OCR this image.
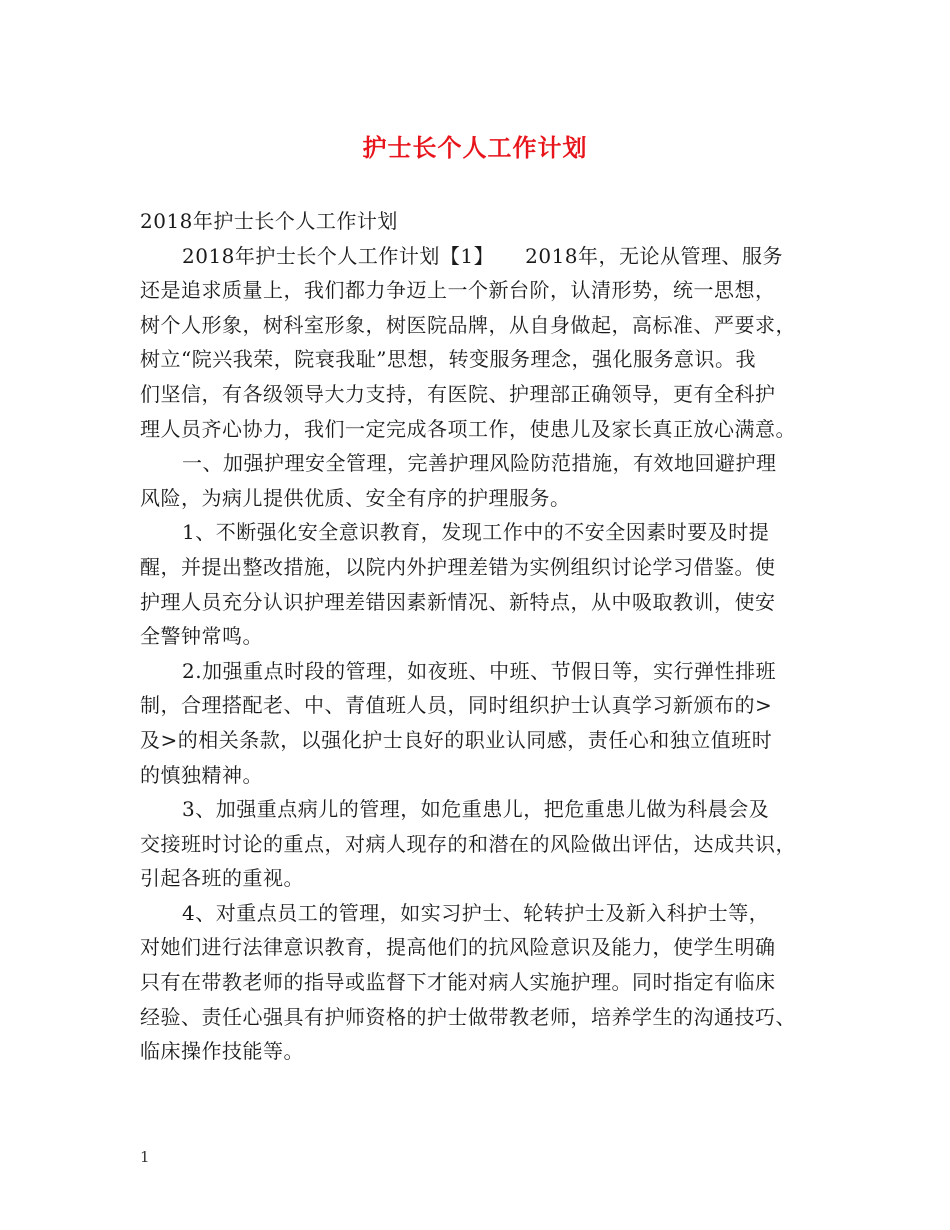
护士长个人工作计划
2018年护士长个人工作计划
2018年护士长个人工作计划【1】　　2018年，无论从管理、服务
还是追求质量上，我们都力争迈上一个新台阶，认清形势，统一思想，
树个人形象，树科室形象，树医院品牌，从自身做起，高标准、严要求，
树立“院兴我荣，院衰我耻”思想，转变服务理念，强化服务意识。我
们坚信，有各级领导大力支持，有医院、护理部正确领导，更有全科护
理人员齐心协力，我们一定完成各项工作，使患儿及家长真正放心满意。
一、加强护理安全管理，完善护理风险防范措施，有效地回避护理
风险，为病儿提供优质、安全有序的护理服务。
1、不断强化安全意识教育，发现工作中的不安全因素时要及时提
醒，并提出整改措施，以院内外护理差错为实例组织讨论学习借鉴。使
护理人员充分认识护理差错因素新情况、新特点，从中吸取教训，使安
全警钟常鸣。
2.加强重点时段的管理，如夜班、中班、节假日等，实行弹性排班
制，合理搭配老、中、青值班人员，同时组织护士认真学习新颁布的>
及>的相关条款，以强化护士良好的职业认同感，责任心和独立值班时
的慎独精神。
3、加强重点病儿的管理，如危重患儿，把危重患儿做为科晨会及
交接班时讨论的重点，对病人现存的和潜在的风险做出评估，达成共识，
引起各班的重视。
4、对重点员工的管理，如实习护士、轮转护士及新入科护士等，
对她们进行法律意识教育，提高他们的抗风险意识及能力，使学生明确
只有在带教老师的指导或监督下才能对病人实施护理。同时指定有临床
经验、责任心强具有护师资格的护士做带教老师，培养学生的沟通技巧、
临床操作技能等。
1
